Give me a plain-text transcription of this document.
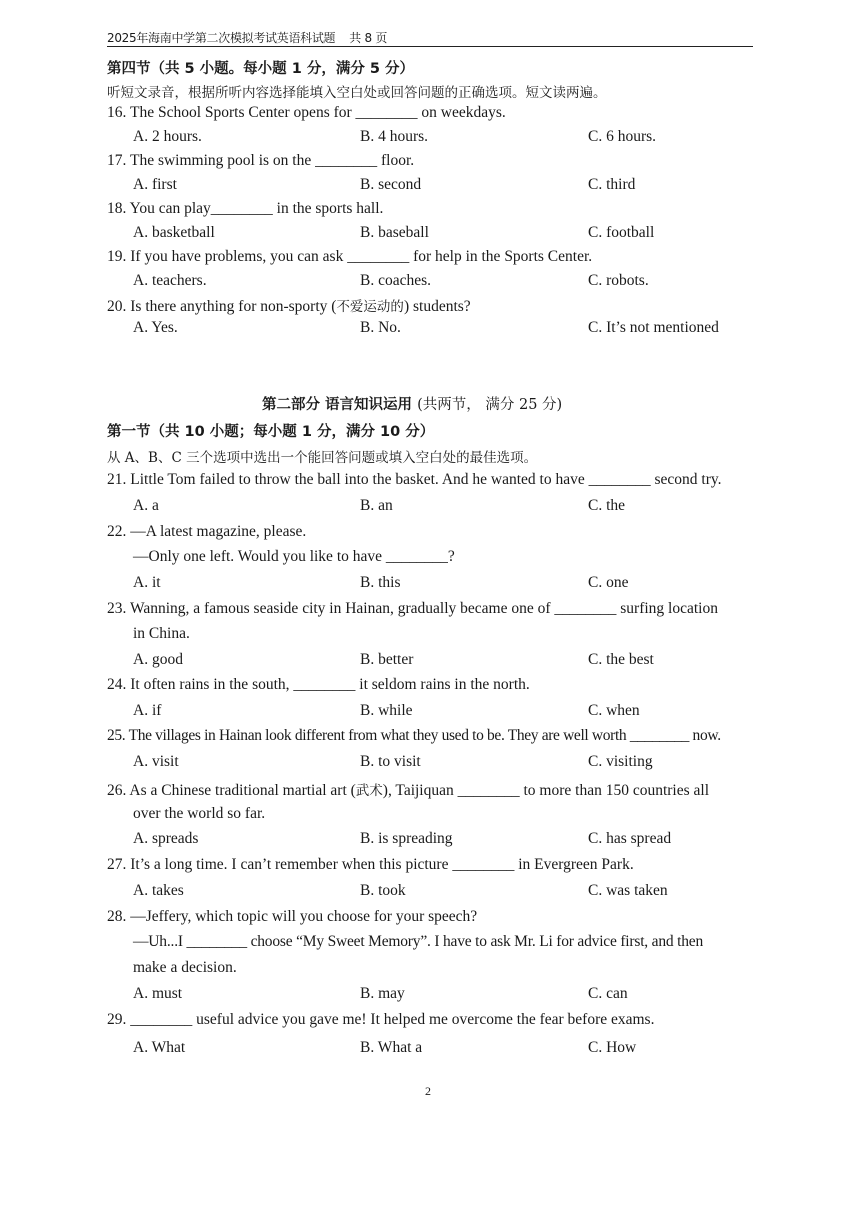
2025年海南中学第二次模拟考试英语科试题 共 8 页
第四节（共 5 小题。每小题 1 分，满分 5 分）
听短文录音，根据所听内容选择能填入空白处或回答问题的正确选项。短文读两遍。
16. The School Sports Center opens for ________ on weekdays.
A. 2 hours.	B. 4 hours.	C. 6 hours.
17. The swimming pool is on the ________ floor.
A. first	B. second	C. third
18. You can play________ in the sports hall.
A. basketball	B. baseball	C. football
19. If you have problems, you can ask ________ for help in the Sports Center.
A. teachers.	B. coaches.	C. robots.
20. Is there anything for non-sporty (不爱运动的) students?
A. Yes.	B. No.	C. It’s not mentioned
第二部分 语言知识运用 (共两节， 满分 25 分)
第一节（共 10 小题；每小题 1 分，满分 10 分）
从 A、B、C 三个选项中选出一个能回答问题或填入空白处的最佳选项。
21. Little Tom failed to throw the ball into the basket. And he wanted to have ________ second try.
A. a	B. an	C. the
22. —A latest magazine, please.
—Only one left. Would you like to have ________?
A. it	B. this	C. one
23. Wanning, a famous seaside city in Hainan, gradually became one of ________ surfing location
in China.
A. good	B. better	C. the best
24. It often rains in the south, ________ it seldom rains in the north.
A. if	B. while	C. when
25. The villages in Hainan look different from what they used to be. They are well worth ________ now.
A. visit	B. to visit	C. visiting
26. As a Chinese traditional martial art (武术), Taijiquan ________ to more than 150 countries all
over the world so far.
A. spreads	B. is spreading	C. has spread
27. It’s a long time. I can’t remember when this picture ________ in Evergreen Park.
A. takes	B. took	C. was taken
28. —Jeffery, which topic will you choose for your speech?
—Uh...I ________ choose “My Sweet Memory”. I have to ask Mr. Li for advice first, and then
make a decision.
A. must	B. may	C. can
29. ________ useful advice you gave me! It helped me overcome the fear before exams.
A. What	B. What a	C. How
2
